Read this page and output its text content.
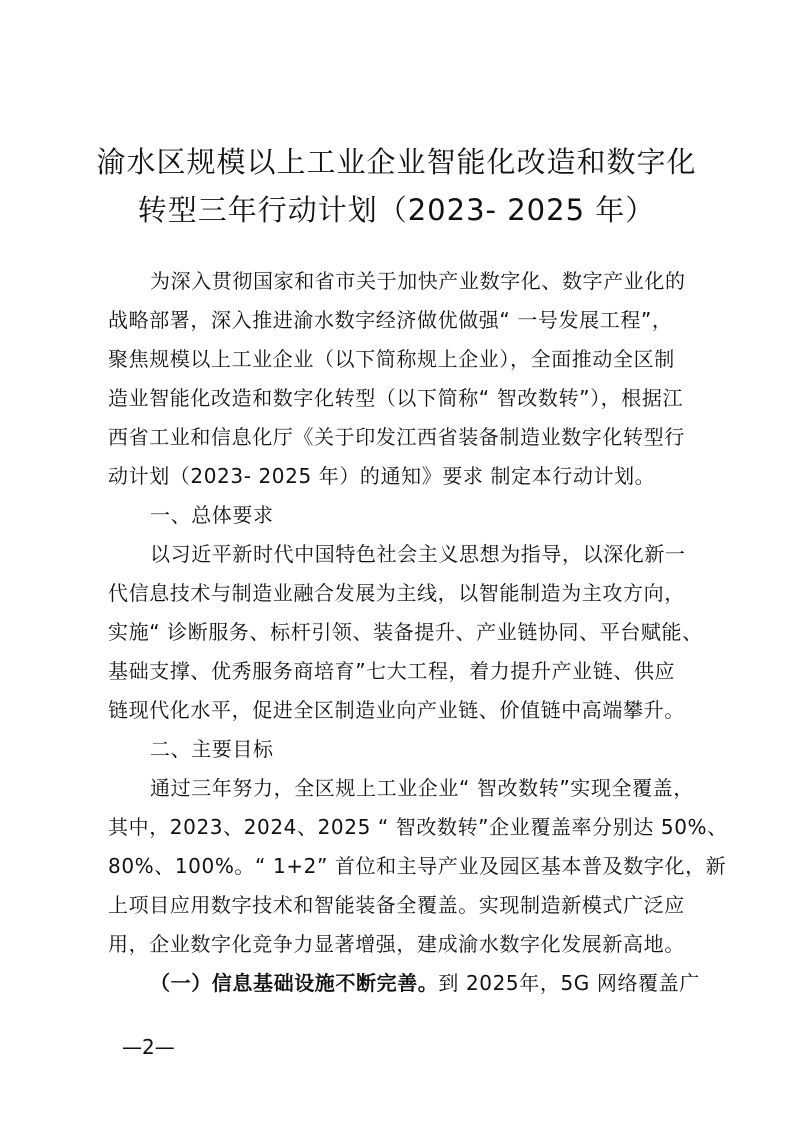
渝水区规模以上工业企业智能化改造和数字化
转型三年行动计划（2023- 2025 年）
为深入贯彻国家和省市关于加快产业数字化、数字产业化的
战略部署，深入推进渝水数字经济做优做强“ 一号发展工程”，
聚焦规模以上工业企业（以下简称规上企业），全面推动全区制
造业智能化改造和数字化转型（以下简称“ 智改数转”），根据江
西省工业和信息化厅《关于印发江西省装备制造业数字化转型行
动计划（2023- 2025 年）的通知》要求 制定本行动计划。
一、总体要求
以习近平新时代中国特色社会主义思想为指导，以深化新一
代信息技术与制造业融合发展为主线，以智能制造为主攻方向，
实施“ 诊断服务、标杆引领、装备提升、产业链协同、平台赋能、
基础支撑、优秀服务商培育”七大工程，着力提升产业链、供应
链现代化水平，促进全区制造业向产业链、价值链中高端攀升。
二、主要目标
通过三年努力，全区规上工业企业“ 智改数转”实现全覆盖，
其中，2023、2024、2025 “ 智改数转”企业覆盖率分别达 50%、
80%、100%。“ 1+2” 首位和主导产业及园区基本普及数字化，新
上项目应用数字技术和智能装备全覆盖。实现制造新模式广泛应
用，企业数字化竞争力显著增强，建成渝水数字化发展新高地。
（一）信息基础设施不断完善。到 2025年，5G 网络覆盖广
—2—
